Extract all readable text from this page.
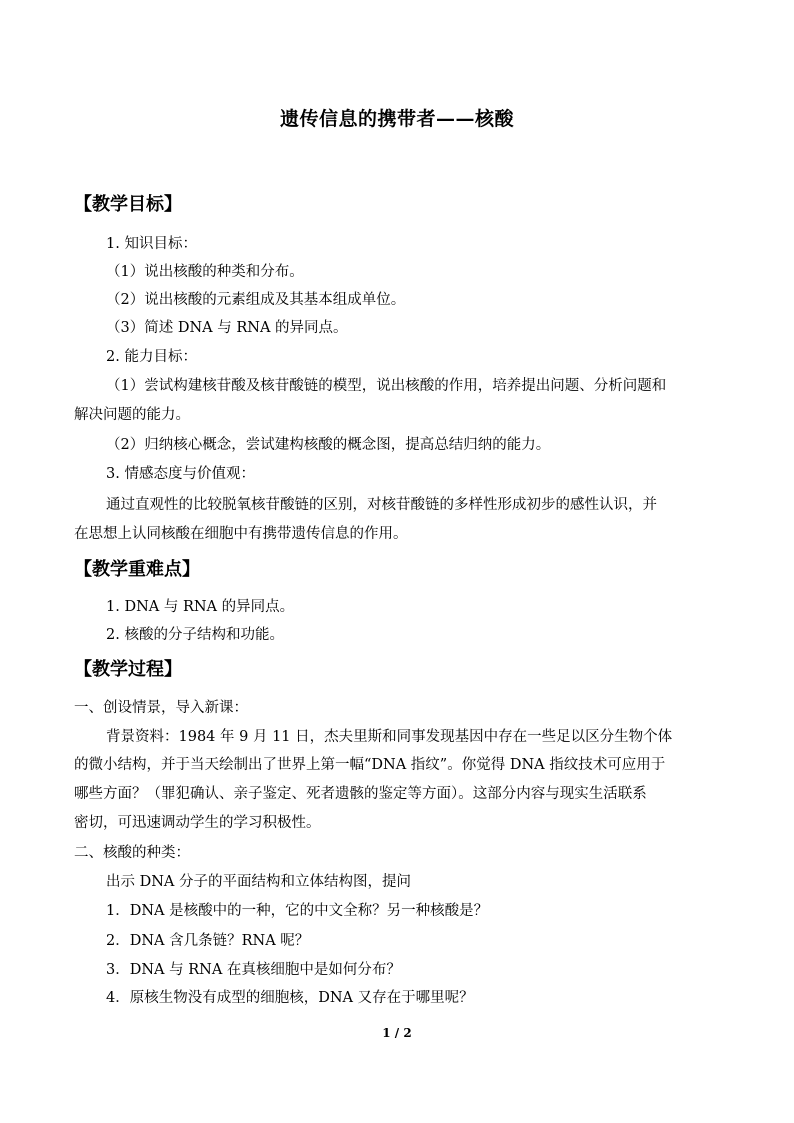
遗传信息的携带者——核酸
【教学目标】
1. 知识目标：
（1）说出核酸的种类和分布。
（2）说出核酸的元素组成及其基本组成单位。
（3）简述 DNA 与 RNA 的异同点。
2. 能力目标：
（1）尝试构建核苷酸及核苷酸链的模型，说出核酸的作用，培养提出问题、分析问题和
解决问题的能力。
（2）归纳核心概念，尝试建构核酸的概念图，提高总结归纳的能力。
3. 情感态度与价值观：
通过直观性的比较脱氧核苷酸链的区别，对核苷酸链的多样性形成初步的感性认识，并
在思想上认同核酸在细胞中有携带遗传信息的作用。
【教学重难点】
1. DNA 与 RNA 的异同点。
2. 核酸的分子结构和功能。
【教学过程】
一、创设情景，导入新课：
背景资料：1984 年 9 月 11 日，杰夫里斯和同事发现基因中存在一些足以区分生物个体
的微小结构，并于当天绘制出了世界上第一幅“DNA 指纹”。你觉得 DNA 指纹技术可应用于
哪些方面？（罪犯确认、亲子鉴定、死者遗骸的鉴定等方面）。这部分内容与现实生活联系
密切，可迅速调动学生的学习积极性。
二、核酸的种类：
出示 DNA 分子的平面结构和立体结构图，提问
1．DNA 是核酸中的一种，它的中文全称？另一种核酸是？
2．DNA 含几条链？RNA 呢？
3．DNA 与 RNA 在真核细胞中是如何分布？
4．原核生物没有成型的细胞核，DNA 又存在于哪里呢？
1 / 2
